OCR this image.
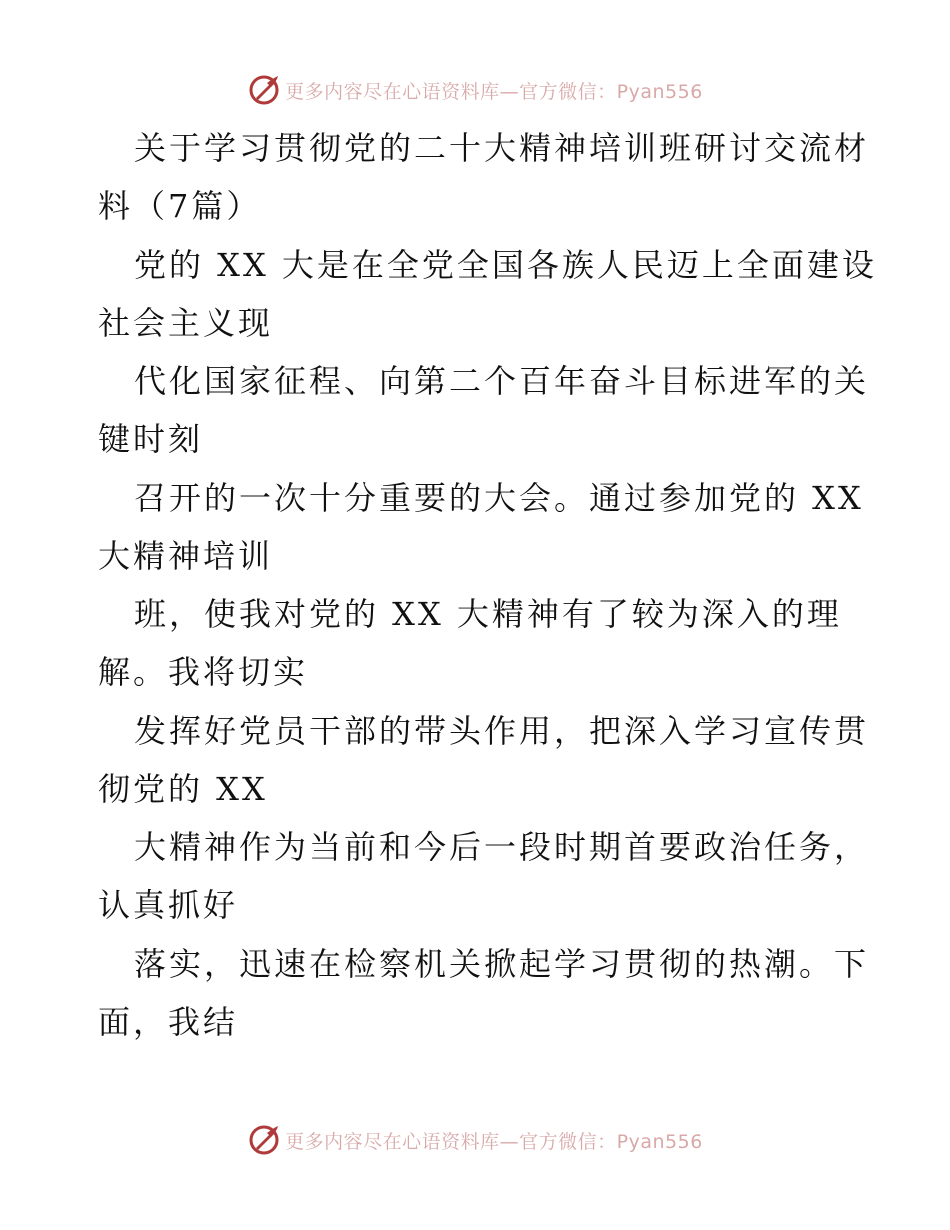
更多内容尽在心语资料库—官方微信：Pyan556
关于学习贯彻党的二十大精神培训班研讨交流材
料（7篇）
党的 XX 大是在全党全国各族人民迈上全面建设
社会主义现
代化国家征程、向第二个百年奋斗目标进军的关
键时刻
召开的一次十分重要的大会。通过参加党的 XX
大精神培训
班，使我对党的 XX 大精神有了较为深入的理
解。我将切实
发挥好党员干部的带头作用，把深入学习宣传贯
彻党的 XX
大精神作为当前和今后一段时期首要政治任务，
认真抓好
落实，迅速在检察机关掀起学习贯彻的热潮。下
面，我结
更多内容尽在心语资料库—官方微信：Pyan556
